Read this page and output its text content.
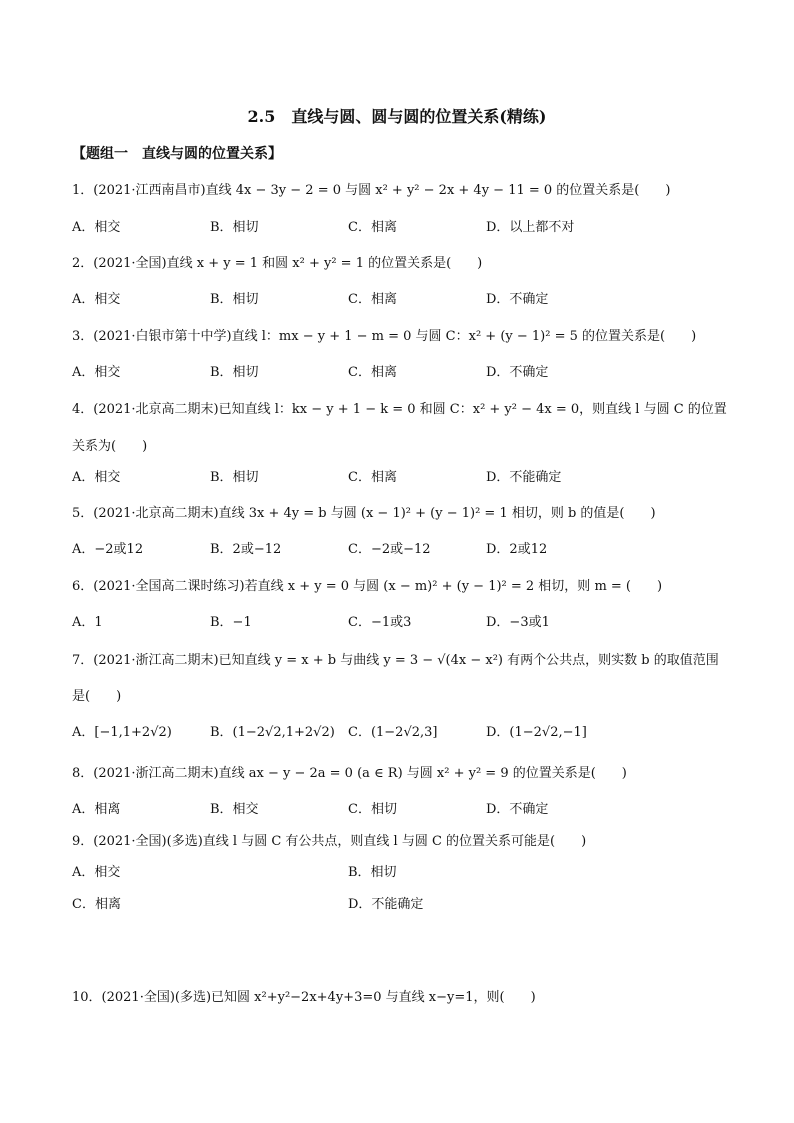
2.5　直线与圆、圆与圆的位置关系(精练)
【题组一　直线与圆的位置关系】
1．(2021·江西南昌市)直线 4x − 3y − 2 = 0 与圆 x² + y² − 2x + 4y − 11 = 0 的位置关系是(　　)
A．相交	B．相切	C．相离	D．以上都不对
2．(2021·全国)直线 x + y = 1 和圆 x² + y² = 1 的位置关系是(　　)
A．相交	B．相切	C．相离	D．不确定
3．(2021·白银市第十中学)直线 l：mx − y + 1 − m = 0 与圆 C：x² + (y − 1)² = 5 的位置关系是(　　)
A．相交	B．相切	C．相离	D．不确定
4．(2021·北京高二期末)已知直线 l：kx − y + 1 − k = 0 和圆 C：x² + y² − 4x = 0，则直线 l 与圆 C 的位置
关系为(　　)
A．相交	B．相切	C．相离	D．不能确定
5．(2021·北京高二期末)直线 3x + 4y = b 与圆 (x − 1)² + (y − 1)² = 1 相切，则 b 的值是(　　)
A．−2或12	B．2或−12	C．−2或−12	D．2或12
6．(2021·全国高二课时练习)若直线 x + y = 0 与圆 (x − m)² + (y − 1)² = 2 相切，则 m = (　　)
A．1	B．−1	C．−1或3	D．−3或1
7．(2021·浙江高二期末)已知直线 y = x + b 与曲线 y = 3 − √(4x − x²) 有两个公共点，则实数 b 的取值范围
是(　　)
A．[−1,1+2√2)	B．(1−2√2,1+2√2) C．(1−2√2,3]	D．(1−2√2,−1]
8．(2021·浙江高二期末)直线 ax − y − 2a = 0 (a ∈ R) 与圆 x² + y² = 9 的位置关系是(　　)
A．相离	B．相交	C．相切	D．不确定
9．(2021·全国)(多选)直线 l 与圆 C 有公共点，则直线 l 与圆 C 的位置关系可能是(　　)
A．相交	B．相切
C．相离	D．不能确定
10．(2021·全国)(多选)已知圆 x²+y²−2x+4y+3=0 与直线 x−y=1，则(　　)
